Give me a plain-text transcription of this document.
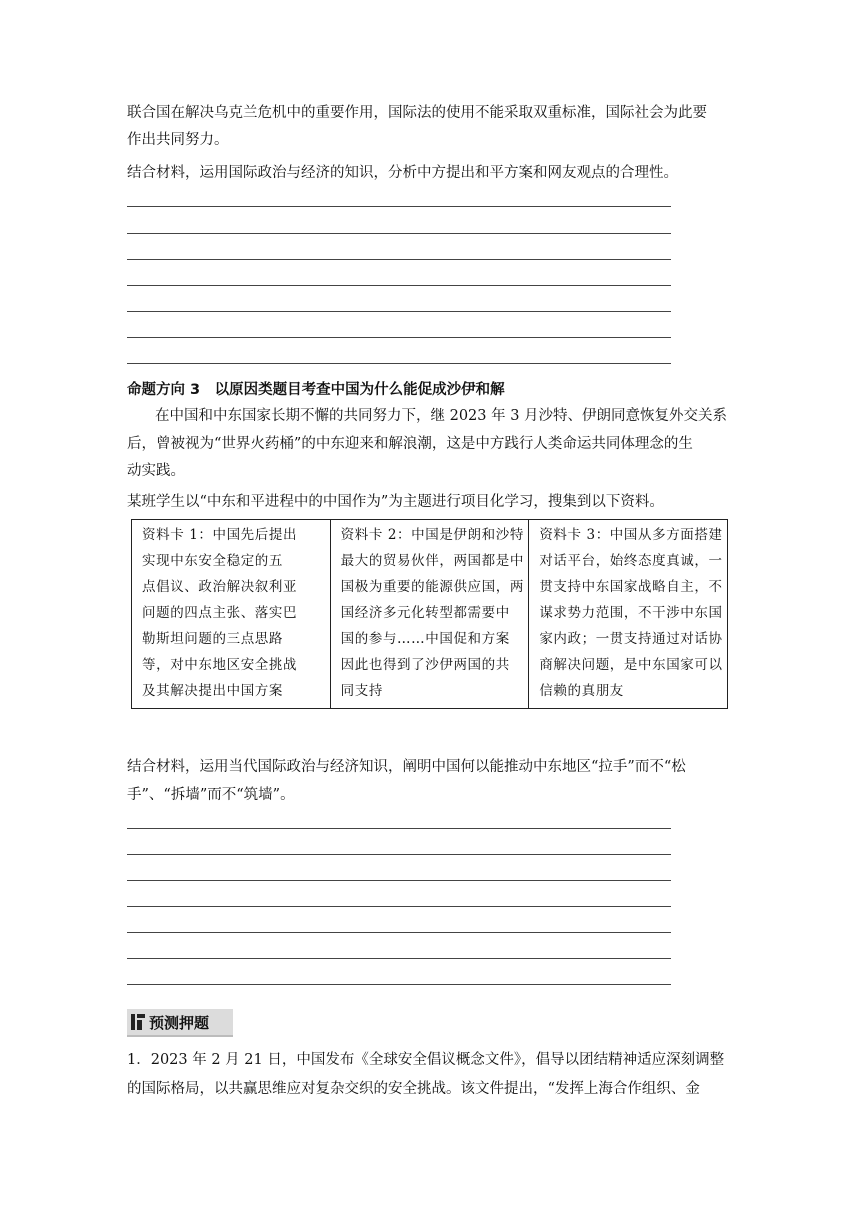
联合国在解决乌克兰危机中的重要作用，国际法的使用不能采取双重标准，国际社会为此要
作出共同努力。
结合材料，运用国际政治与经济的知识，分析中方提出和平方案和网友观点的合理性。
命题方向 3　以原因类题目考查中国为什么能促成沙伊和解
在中国和中东国家长期不懈的共同努力下，继 2023 年 3 月沙特、伊朗同意恢复外交关系
后，曾被视为“世界火药桶”的中东迎来和解浪潮，这是中方践行人类命运共同体理念的生
动实践。
某班学生以“中东和平进程中的中国作为”为主题进行项目化学习，搜集到以下资料。
资料卡 1：中国先后提出
实现中东安全稳定的五
点倡议、政治解决叙利亚
问题的四点主张、落实巴
勒斯坦问题的三点思路
等，对中东地区安全挑战
及其解决提出中国方案

资料卡 2：中国是伊朗和沙特
最大的贸易伙伴，两国都是中
国极为重要的能源供应国，两
国经济多元化转型都需要中
国的参与……中国促和方案
因此也得到了沙伊两国的共
同支持

资料卡 3：中国从多方面搭建
对话平台，始终态度真诚，一
贯支持中东国家战略自主，不
谋求势力范围，不干涉中东国
家内政；一贯支持通过对话协
商解决问题，是中东国家可以
信赖的真朋友
结合材料，运用当代国际政治与经济知识，阐明中国何以能推动中东地区“拉手”而不“松
手”、“拆墙”而不“筑墙”。
预测押题
1．2023 年 2 月 21 日，中国发布《全球安全倡议概念文件》，倡导以团结精神适应深刻调整
的国际格局，以共赢思维应对复杂交织的安全挑战。该文件提出，“发挥上海合作组织、金
